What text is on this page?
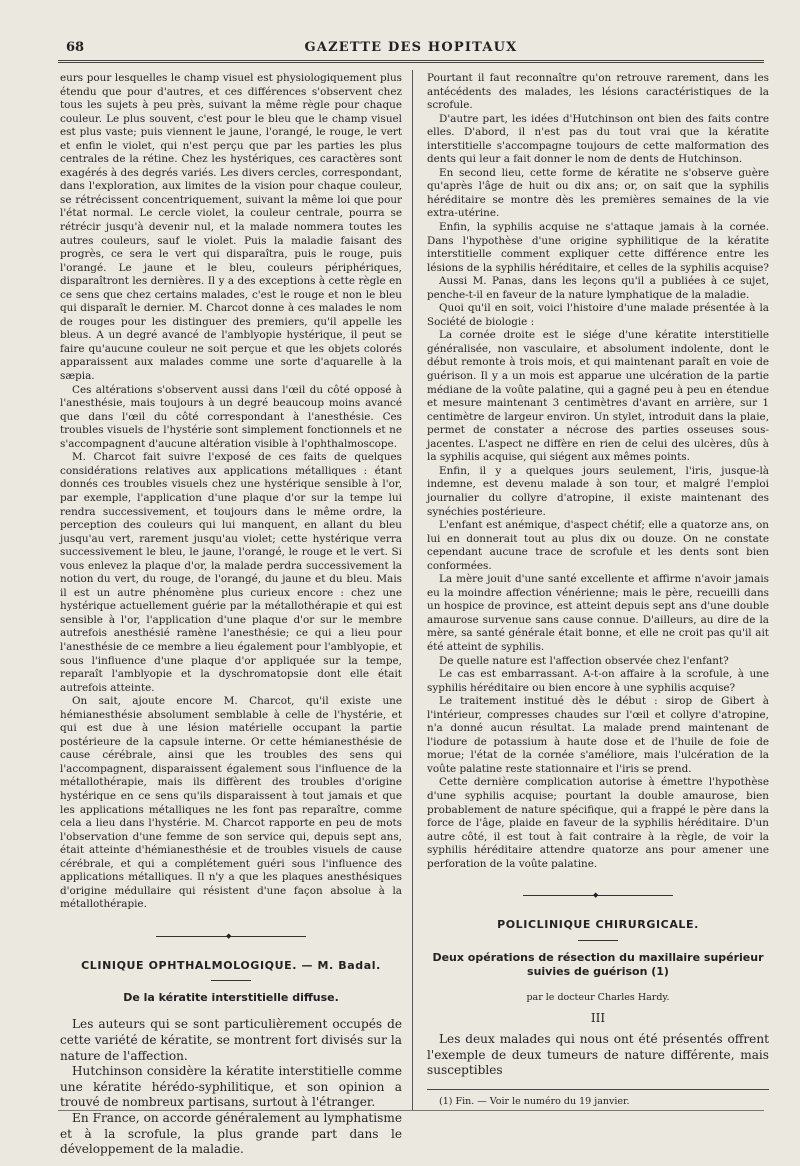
68	GAZETTE DES HOPITAUX

eurs pour lesquelles le champ visuel est physiologiquement plus étendu que pour d'autres, et ces différences s'observent chez tous les sujets à peu près, suivant la même règle pour chaque couleur. Le plus souvent, c'est pour le bleu que le champ visuel est plus vaste; puis viennent le jaune, l'orangé, le rouge, le vert et enfin le violet, qui n'est perçu que par les parties les plus centrales de la rétine. Chez les hystériques, ces caractères sont exagérés à des degrés variés. Les divers cercles, correspondant, dans l'exploration, aux limites de la vision pour chaque couleur, se rétrécissent concentriquement, suivant la même loi que pour l'état normal. Le cercle violet, la couleur centrale, pourra se rétrécir jusqu'à devenir nul, et la malade nommera toutes les autres couleurs, sauf le violet. Puis la maladie faisant des progrès, ce sera le vert qui disparaîtra, puis le rouge, puis l'orangé. Le jaune et le bleu, couleurs périphériques, disparaîtront les dernières. Il y a des exceptions à cette règle en ce sens que chez certains malades, c'est le rouge et non le bleu qui disparaît le dernier. M. Charcot donne à ces malades le nom de rouges pour les distinguer des premiers, qu'il appelle les bleus. A un degré avancé de l'amblyopie hystérique, il peut se faire qu'aucune couleur ne soit perçue et que les objets colorés apparaissent aux malades comme une sorte d'aquarelle à la sæpia.

Ces altérations s'observent aussi dans l'œil du côté opposé à l'anesthésie, mais toujours à un degré beaucoup moins avancé que dans l'œil du côté correspondant à l'anesthésie. Ces troubles visuels de l'hystérie sont simplement fonctionnels et ne s'accompagnent d'aucune altération visible à l'ophthalmoscope.

M. Charcot fait suivre l'exposé de ces faits de quelques considérations relatives aux applications métalliques : étant donnés ces troubles visuels chez une hystérique sensible à l'or, par exemple, l'application d'une plaque d'or sur la tempe lui rendra successivement, et toujours dans le même ordre, la perception des couleurs qui lui manquent, en allant du bleu jusqu'au vert, rarement jusqu'au violet; cette hystérique verra successivement le bleu, le jaune, l'orangé, le rouge et le vert. Si vous enlevez la plaque d'or, la malade perdra successivement la notion du vert, du rouge, de l'orangé, du jaune et du bleu. Mais il est un autre phénomène plus curieux encore : chez une hystérique actuellement guérie par la métallothérapie et qui est sensible à l'or, l'application d'une plaque d'or sur le membre autrefois anesthésié ramène l'anesthésie; ce qui a lieu pour l'anesthésie de ce membre a lieu également pour l'amblyopie, et sous l'influence d'une plaque d'or appliquée sur la tempe, reparaît l'amblyopie et la dyschromatopsie dont elle était autrefois atteinte.

On sait, ajoute encore M. Charcot, qu'il existe une hémianesthésie absolument semblable à celle de l'hystérie, et qui est due à une lésion matérielle occupant la partie postérieure de la capsule interne. Or cette hémianesthésie de cause cérébrale, ainsi que les troubles des sens qui l'accompagnent, disparaissent également sous l'influence de la métallothérapie, mais ils diffèrent des troubles d'origine hystérique en ce sens qu'ils disparaissent à tout jamais et que les applications métalliques ne les font pas reparaître, comme cela a lieu dans l'hystérie. M. Charcot rapporte en peu de mots l'observation d'une femme de son service qui, depuis sept ans, était atteinte d'hémianesthésie et de troubles visuels de cause cérébrale, et qui a complétement guéri sous l'influence des applications métalliques. Il n'y a que les plaques anesthésiques d'origine médullaire qui résistent d'une façon absolue à la métallothérapie.

◆
CLINIQUE OPHTHALMOLOGIQUE. — M. Badal.
De la kératite interstitielle diffuse.

Les auteurs qui se sont particulièrement occupés de cette variété de kératite, se montrent fort divisés sur la nature de l'affection.

Hutchinson considère la kératite interstitielle comme une kératite hérédo-syphilitique, et son opinion a trouvé de nombreux partisans, surtout à l'étranger.

En France, on accorde généralement au lymphatisme et à la scrofule, la plus grande part dans le développement de la maladie.

Pourtant il faut reconnaître qu'on retrouve rarement, dans les antécédents des malades, les lésions caractéristiques de la scrofule.

D'autre part, les idées d'Hutchinson ont bien des faits contre elles. D'abord, il n'est pas du tout vrai que la kératite interstitielle s'accompagne toujours de cette malformation des dents qui leur a fait donner le nom de dents de Hutchinson.

En second lieu, cette forme de kératite ne s'observe guère qu'après l'âge de huit ou dix ans; or, on sait que la syphilis héréditaire se montre dès les premières semaines de la vie extra-utérine.

Enfin, la syphilis acquise ne s'attaque jamais à la cornée. Dans l'hypothèse d'une origine syphilitique de la kératite interstitielle comment expliquer cette différence entre les lésions de la syphilis héréditaire, et celles de la syphilis acquise?

Aussi M. Panas, dans les leçons qu'il a publiées à ce sujet, penche-t-il en faveur de la nature lymphatique de la maladie.

Quoi qu'il en soit, voici l'histoire d'une malade présentée à la Société de biologie :

La cornée droite est le siége d'une kératite interstitielle généralisée, non vasculaire, et absolument indolente, dont le début remonte à trois mois, et qui maintenant paraît en voie de guérison. Il y a un mois est apparue une ulcération de la partie médiane de la voûte palatine, qui a gagné peu à peu en étendue et mesure maintenant 3 centimètres d'avant en arrière, sur 1 centimètre de largeur environ. Un stylet, introduit dans la plaie, permet de constater a nécrose des parties osseuses sous-jacentes. L'aspect ne diffère en rien de celui des ulcères, dûs à la syphilis acquise, qui siégent aux mêmes points.

Enfin, il y a quelques jours seulement, l'iris, jusque-là indemne, est devenu malade à son tour, et malgré l'emploi journalier du collyre d'atropine, il existe maintenant des synéchies postérieure.

L'enfant est anémique, d'aspect chétif; elle a quatorze ans, on lui en donnerait tout au plus dix ou douze. On ne constate cependant aucune trace de scrofule et les dents sont bien conformées.

La mère jouit d'une santé excellente et affirme n'avoir jamais eu la moindre affection vénérienne; mais le père, recueilli dans un hospice de province, est atteint depuis sept ans d'une double amaurose survenue sans cause connue. D'ailleurs, au dire de la mère, sa santé générale était bonne, et elle ne croit pas qu'il ait été atteint de syphilis.

De quelle nature est l'affection observée chez l'enfant?

Le cas est embarrassant. A-t-on affaire à la scrofule, à une syphilis héréditaire ou bien encore à une syphilis acquise?

Le traitement institué dès le début : sirop de Gibert à l'intérieur, compresses chaudes sur l'œil et collyre d'atropine, n'a donné aucun résultat. La malade prend maintenant de l'iodure de potassium à haute dose et de l'huile de foie de morue; l'état de la cornée s'améliore, mais l'ulcération de la voûte palatine reste stationnaire et l'iris se prend.

Cette dernière complication autorise à émettre l'hypothèse d'une syphilis acquise; pourtant la double amaurose, bien probablement de nature spécifique, qui a frappé le père dans la force de l'âge, plaide en faveur de la syphilis héréditaire. D'un autre côté, il est tout à fait contraire à la règle, de voir la syphilis héréditaire attendre quatorze ans pour amener une perforation de la voûte palatine.

◆
POLICLINIQUE CHIRURGICALE.
Deux opérations de résection du maxillaire supérieur suivies de guérison (1)
par le docteur Charles Hardy.
III

Les deux malades qui nous ont été présentés offrent l'exemple de deux tumeurs de nature différente, mais susceptibles

(1) Fin. — Voir le numéro du 19 janvier.
